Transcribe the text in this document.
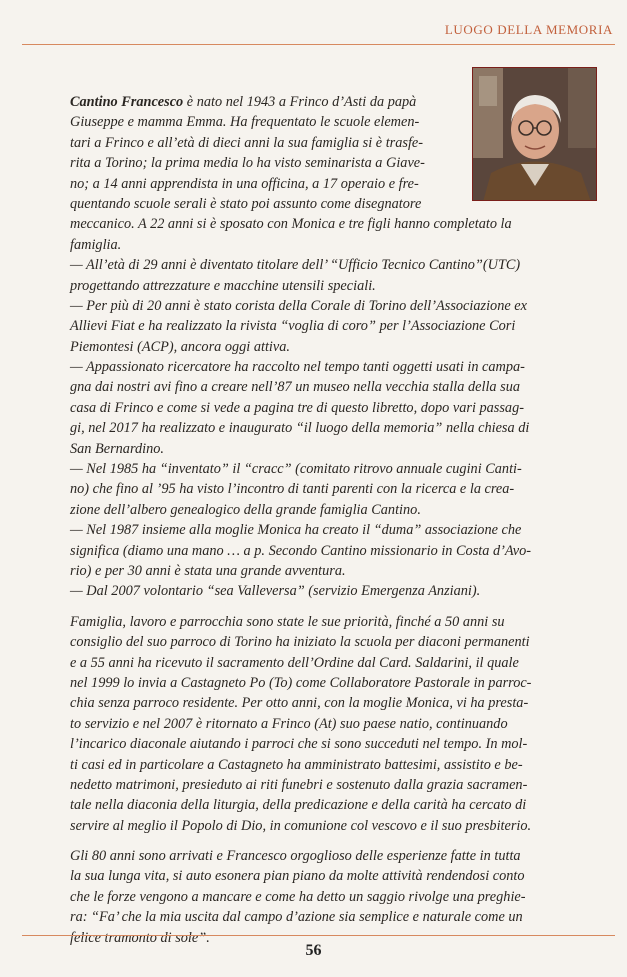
LUOGO DELLA MEMORIA
Cantino Francesco è nato nel 1943 a Frinco d’Asti da papà
Giuseppe e mamma Emma. Ha frequentato le scuole elemen-
tari a Frinco e all’età di dieci anni la sua famiglia si è trasfe-
rita a Torino; la prima media lo ha visto seminarista a Giave-
no; a 14 anni apprendista in una officina, a 17 operaio e fre-
quentando scuole serali è stato poi assunto come disegnatore
meccanico. A 22 anni si è sposato con Monica e tre figli hanno completato la
famiglia.
— All’età di 29 anni è diventato titolare dell’ “Ufficio Tecnico Cantino”(UTC)
progettando attrezzature e macchine utensili speciali.
— Per più di 20 anni è stato corista della Corale di Torino dell’Associazione ex
Allievi Fiat e ha realizzato la rivista “voglia di coro” per l’Associazione Cori
Piemontesi (ACP), ancora oggi attiva.
— Appassionato ricercatore ha raccolto nel tempo tanti oggetti usati in campa-
gna dai nostri avi fino a creare nell’87 un museo nella vecchia stalla della sua
casa di Frinco e come si vede a pagina tre di questo libretto, dopo vari passag-
gi, nel 2017 ha realizzato e inaugurato “il luogo della memoria” nella chiesa di
San Bernardino.
— Nel 1985 ha “inventato” il “cracc” (comitato ritrovo annuale cugini Canti-
no) che fino al ’95 ha visto l’incontro di tanti parenti con la ricerca e la crea-
zione dell’albero genealogico della grande famiglia Cantino.
— Nel 1987 insieme alla moglie Monica ha creato il “duma” associazione che
significa (diamo una mano … a p. Secondo Cantino missionario in Costa d’Avo-
rio) e per 30 anni è stata una grande avventura.
— Dal 2007 volontario “sea Valleversa” (servizio Emergenza Anziani).
Famiglia, lavoro e parrocchia sono state le sue priorità, finché a 50 anni su
consiglio del suo parroco di Torino ha iniziato la scuola per diaconi permanenti
e a 55 anni ha ricevuto il sacramento dell’Ordine dal Card. Saldarini, il quale
nel 1999 lo invia a Castagneto Po (To) come Collaboratore Pastorale in parroc-
chia senza parroco residente. Per otto anni, con la moglie Monica, vi ha presta-
to servizio e nel 2007 è ritornato a Frinco (At) suo paese natio, continuando
l’incarico diaconale aiutando i parroci che si sono succeduti nel tempo. In mol-
ti casi ed in particolare a Castagneto ha amministrato battesimi, assistito e be-
nedetto matrimoni, presieduto ai riti funebri e sostenuto dalla grazia sacramen-
tale nella diaconia della liturgia, della predicazione e della carità ha cercato di
servire al meglio il Popolo di Dio, in comunione col vescovo e il suo presbiterio.
Gli 80 anni sono arrivati e Francesco orgoglioso delle esperienze fatte in tutta
la sua lunga vita, si auto esonera pian piano da molte attività rendendosi conto
che le forze vengono a mancare e come ha detto un saggio rivolge una preghie-
ra: “Fa’ che la mia uscita dal campo d’azione sia semplice e naturale come un
felice tramonto di sole”.
56
